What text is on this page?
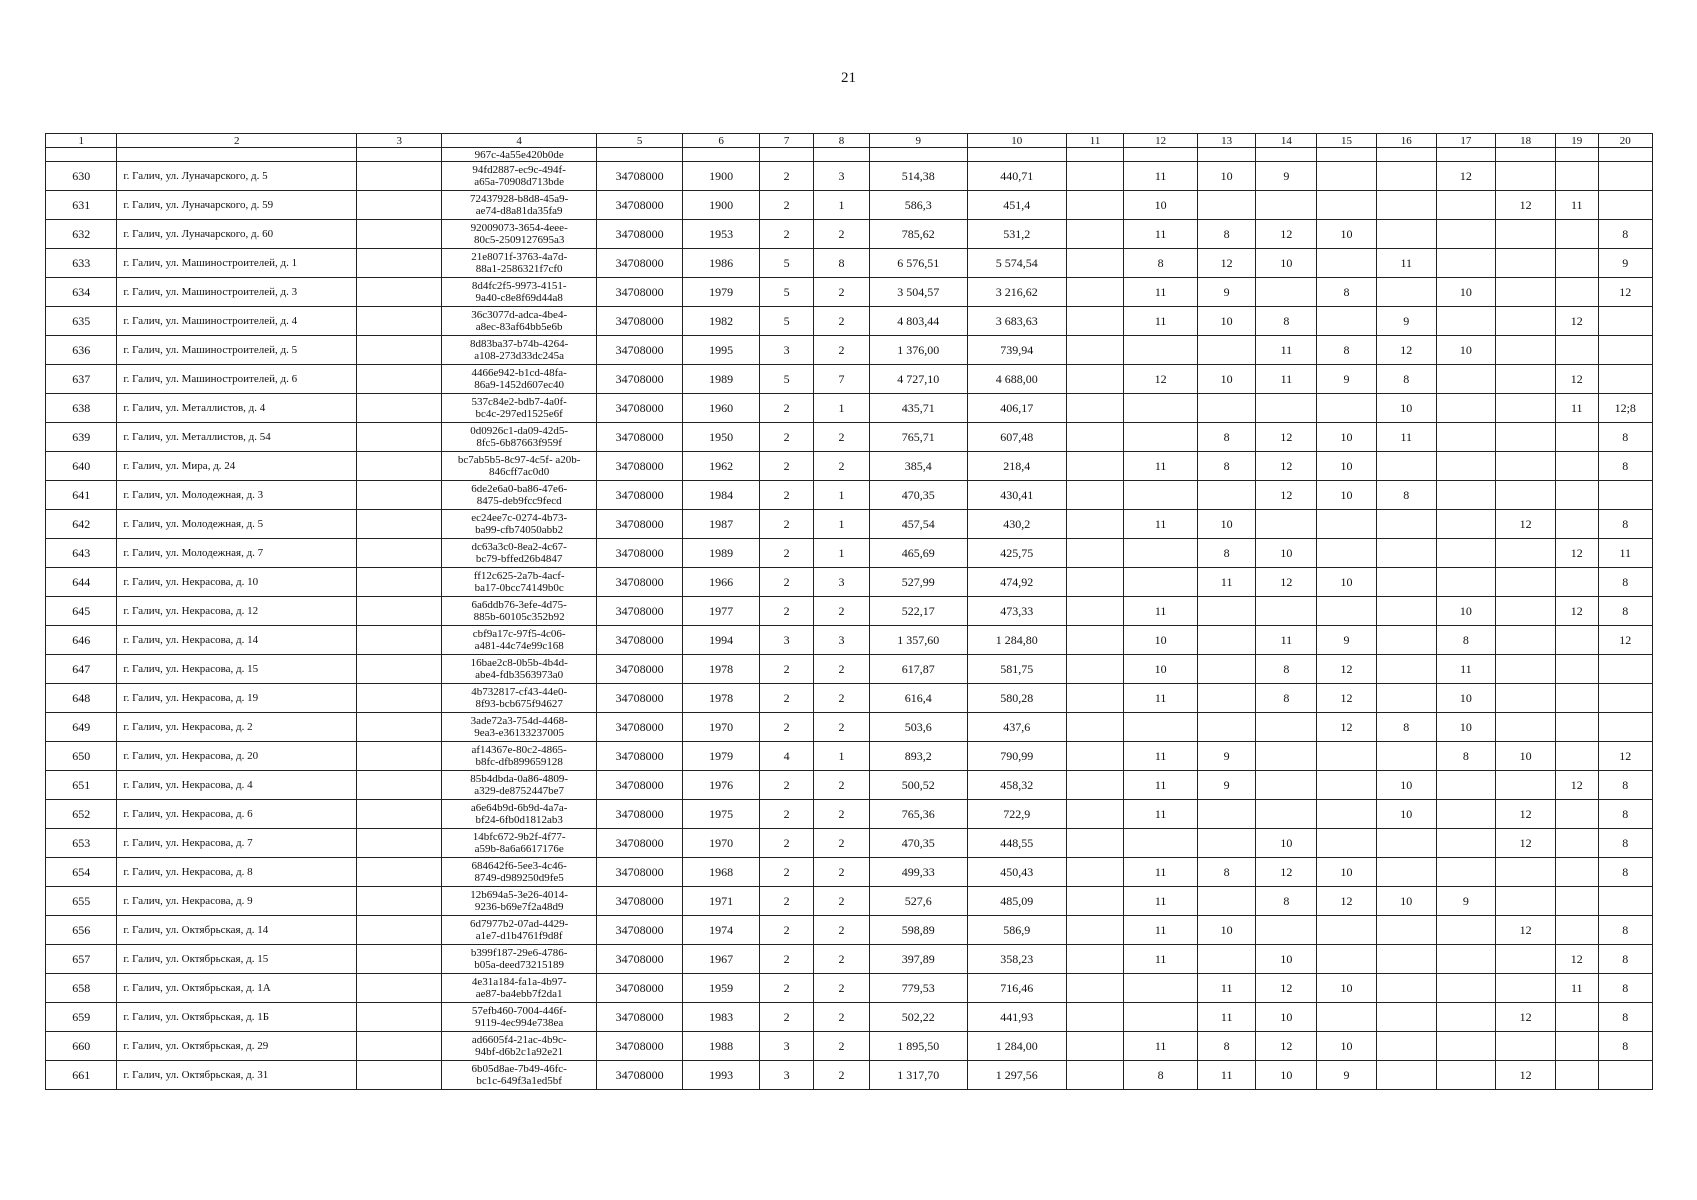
21
1	2	3	4	5	6	7	8	9	10	11	12	13	14	15	16	17	18	19	20
			967c-4a55e420b0de																
630	г. Галич, ул. Луначарского, д. 5		94fd2887-ec9c-494f-
a65a-70908d713bde	34708000	1900	2	3	514,38	440,71		11	10	9			12			
631	г. Галич, ул. Луначарского, д. 59		72437928-b8d8-45a9-
ae74-d8a81da35fa9	34708000	1900	2	1	586,3	451,4		10						12	11	
632	г. Галич, ул. Луначарского, д. 60		92009073-3654-4eee-
80c5-2509127695a3	34708000	1953	2	2	785,62	531,2		11	8	12	10					8
633	г. Галич, ул. Машиностроителей, д. 1		21e8071f-3763-4a7d-
88a1-2586321f7cf0	34708000	1986	5	8	6 576,51	5 574,54		8	12	10		11				9
634	г. Галич, ул. Машиностроителей, д. 3		8d4fc2f5-9973-4151-
9a40-c8e8f69d44a8	34708000	1979	5	2	3 504,57	3 216,62		11	9		8		10			12
635	г. Галич, ул. Машиностроителей, д. 4		36c3077d-adca-4be4-
a8ec-83af64bb5e6b	34708000	1982	5	2	4 803,44	3 683,63		11	10	8		9			12	
636	г. Галич, ул. Машиностроителей, д. 5		8d83ba37-b74b-4264-
a108-273d33dc245a	34708000	1995	3	2	1 376,00	739,94				11	8	12	10			
637	г. Галич, ул. Машиностроителей, д. 6		4466e942-b1cd-48fa-
86a9-1452d607ec40	34708000	1989	5	7	4 727,10	4 688,00		12	10	11	9	8			12	
638	г. Галич, ул. Металлистов, д. 4		537c84e2-bdb7-4a0f-
bc4c-297ed1525e6f	34708000	1960	2	1	435,71	406,17						10			11	12;8
639	г. Галич, ул. Металлистов, д. 54		0d0926c1-da09-42d5-
8fc5-6b87663f959f	34708000	1950	2	2	765,71	607,48			8	12	10	11				8
640	г. Галич, ул. Мира, д. 24		bc7ab5b5-8c97-4c5f- a20b-
846cff7ac0d0	34708000	1962	2	2	385,4	218,4		11	8	12	10					8
641	г. Галич, ул. Молодежная, д. 3		6de2e6a0-ba86-47e6-
8475-deb9fcc9fecd	34708000	1984	2	1	470,35	430,41				12	10	8				
642	г. Галич, ул. Молодежная, д. 5		ec24ee7c-0274-4b73-
ba99-cfb74050abb2	34708000	1987	2	1	457,54	430,2		11	10					12		8
643	г. Галич, ул. Молодежная, д. 7		dc63a3c0-8ea2-4c67-
bc79-bffed26b4847	34708000	1989	2	1	465,69	425,75			8	10					12	11
644	г. Галич, ул. Некрасова, д. 10		ff12c625-2a7b-4acf-
ba17-0bcc74149b0c	34708000	1966	2	3	527,99	474,92			11	12	10					8
645	г. Галич, ул. Некрасова, д. 12		6a6ddb76-3efe-4d75-
885b-60105c352b92	34708000	1977	2	2	522,17	473,33		11					10		12	8
646	г. Галич, ул. Некрасова, д. 14		cbf9a17c-97f5-4c06-
a481-44c74e99c168	34708000	1994	3	3	1 357,60	1 284,80		10		11	9		8			12
647	г. Галич, ул. Некрасова, д. 15		16bae2c8-0b5b-4b4d-
abe4-fdb3563973a0	34708000	1978	2	2	617,87	581,75		10		8	12		11			
648	г. Галич, ул. Некрасова, д. 19		4b732817-cf43-44e0-
8f93-bcb675f94627	34708000	1978	2	2	616,4	580,28		11		8	12		10			
649	г. Галич, ул. Некрасова, д. 2		3ade72a3-754d-4468-
9ea3-e36133237005	34708000	1970	2	2	503,6	437,6					12	8	10			
650	г. Галич, ул. Некрасова, д. 20		af14367e-80c2-4865-
b8fc-dfb899659128	34708000	1979	4	1	893,2	790,99		11	9				8	10		12
651	г. Галич, ул. Некрасова, д. 4		85b4dbda-0a86-4809-
a329-de8752447be7	34708000	1976	2	2	500,52	458,32		11	9			10			12	8
652	г. Галич, ул. Некрасова, д. 6		a6e64b9d-6b9d-4a7a-
bf24-6fb0d1812ab3	34708000	1975	2	2	765,36	722,9		11				10		12		8
653	г. Галич, ул. Некрасова, д. 7		14bfc672-9b2f-4f77-
a59b-8a6a6617176e	34708000	1970	2	2	470,35	448,55				10				12		8
654	г. Галич, ул. Некрасова, д. 8		684642f6-5ee3-4c46-
8749-d989250d9fe5	34708000	1968	2	2	499,33	450,43		11	8	12	10					8
655	г. Галич, ул. Некрасова, д. 9		12b694a5-3e26-4014-
9236-b69e7f2a48d9	34708000	1971	2	2	527,6	485,09		11		8	12	10	9			
656	г. Галич, ул. Октябрьская, д. 14		6d7977b2-07ad-4429-
a1e7-d1b4761f9d8f	34708000	1974	2	2	598,89	586,9		11	10					12		8
657	г. Галич, ул. Октябрьская, д. 15		b399f187-29e6-4786-
b05a-deed73215189	34708000	1967	2	2	397,89	358,23		11		10					12	8
658	г. Галич, ул. Октябрьская, д. 1А		4e31a184-fa1a-4b97-
ae87-ba4ebb7f2da1	34708000	1959	2	2	779,53	716,46			11	12	10				11	8
659	г. Галич, ул. Октябрьская, д. 1Б		57efb460-7004-446f-
9119-4ec994e738ea	34708000	1983	2	2	502,22	441,93			11	10				12		8
660	г. Галич, ул. Октябрьская, д. 29		ad6605f4-21ac-4b9c-
94bf-d6b2c1a92e21	34708000	1988	3	2	1 895,50	1 284,00		11	8	12	10					8
661	г. Галич, ул. Октябрьская, д. 31		6b05d8ae-7b49-46fc-
bc1c-649f3a1ed5bf	34708000	1993	3	2	1 317,70	1 297,56		8	11	10	9			12		
